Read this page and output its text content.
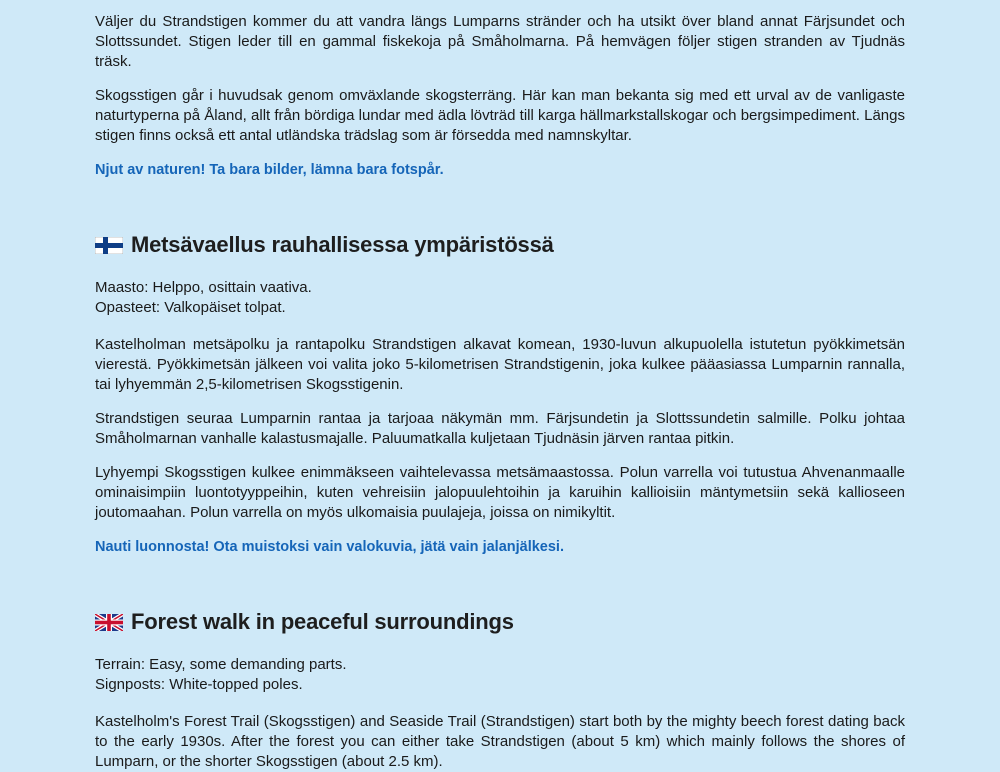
Väljer du Strandstigen kommer du att vandra längs Lumparns stränder och ha utsikt över bland annat Färjsundet och Slottssundet. Stigen leder till en gammal fiskekoja på Småholmarna. På hemvägen följer stigen stranden av Tjudnäs träsk.

Skogsstigen går i huvudsak genom omväxlande skogsterräng. Här kan man bekanta sig med ett urval av de vanligaste naturtyperna på Åland, allt från bördiga lundar med ädla lövträd till karga hällmarkstallskogar och bergsimpediment. Längs stigen finns också ett antal utländska trädslag som är försedda med namnskyltar.

Njut av naturen! Ta bara bilder, lämna bara fotspår.

Metsävaellus rauhallisessa ympäristössä

Maasto: Helppo, osittain vaativa.

Opasteet: Valkopäiset tolpat.

Kastelholman metsäpolku ja rantapolku Strandstigen alkavat komean, 1930-luvun alkupuolella istutetun pyökkimetsän vierestä. Pyökkimetsän jälkeen voi valita joko 5-kilometrisen Strandstigenin, joka kulkee pääasiassa Lumparnin rannalla, tai lyhyemmän 2,5-kilometrisen Skogsstigenin.

Strandstigen seuraa Lumparnin rantaa ja tarjoaa näkymän mm. Färjsundetin ja Slottssundetin salmille. Polku johtaa Småholmarnan vanhalle kalastusmajalle. Paluumatkalla kuljetaan Tjudnäsin järven rantaa pitkin.

Lyhyempi Skogsstigen kulkee enimmäkseen vaihtelevassa metsämaastossa. Polun varrella voi tutustua Ahvenanmaalle ominaisimpiin luontotyyppeihin, kuten vehreisiin jalopuulehtoihin ja karuihin kallioisiin mäntymetsiin sekä kallioseen joutomaahan. Polun varrella on myös ulkomaisia puulajeja, joissa on nimikyltit.

Nauti luonnosta! Ota muistoksi vain valokuvia, jätä vain jalanjälkesi.

Forest walk in peaceful surroundings

Terrain: Easy, some demanding parts.

Signposts: White-topped poles.

Kastelholm's Forest Trail (Skogsstigen) and Seaside Trail (Strandstigen) start both by the mighty beech forest dating back to the early 1930s. After the forest you can either take Strandstigen (about 5 km) which mainly follows the shores of Lumparn, or the shorter Skogsstigen (about 2.5 km).
